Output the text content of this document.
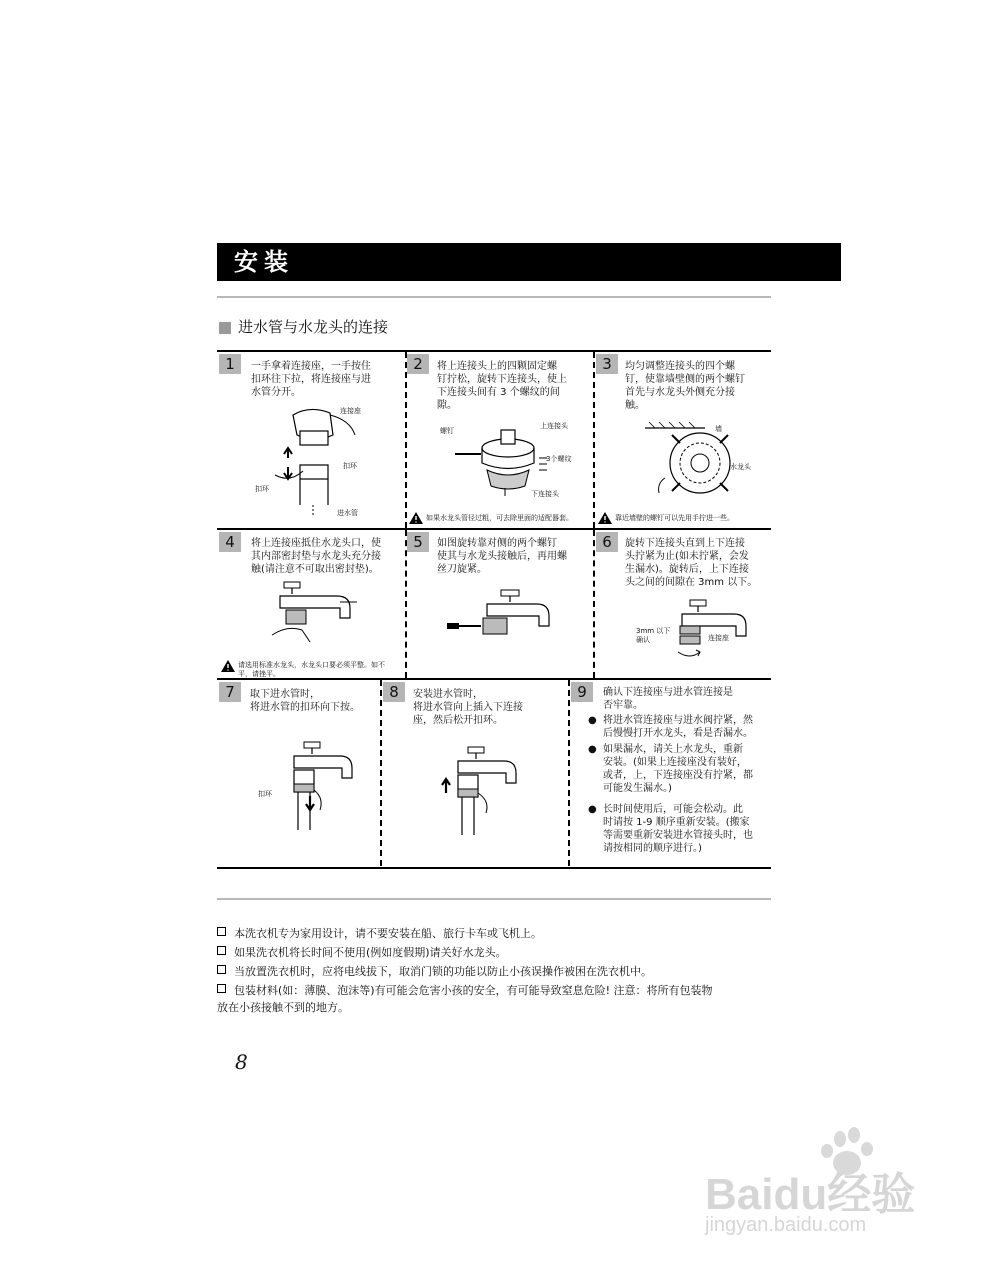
安装
进水管与水龙头的连接
1	一手拿着连接座，一手按住
扣环往下拉，将连接座与进
水管分开。
连接座
扣环
扣环
进水管
2	将上连接头上的四颗固定螺
钉拧松，旋转下连接头，使上
下连接头间有 3 个螺纹的间
隙。
螺钉
上连接头
3个螺纹
下连接头
如果水龙头管径过粗，可去除里面的适配器套。
3	均匀调整连接头的四个螺
钉，使靠墙壁侧的两个螺钉
首先与水龙头外侧充分接
触。
墙
水龙头
靠近墙壁的螺钉可以先用手拧进一些。
4	将上连接座抵住水龙头口，使
其内部密封垫与水龙头充分接
触(请注意不可取出密封垫)。
请选用标准水龙头，水龙头口要必须平整。如不
平，请挫平。
5	如图旋转靠对侧的两个螺钉
使其与水龙头接触后，再用螺
丝刀旋紧。
6	旋转下连接头直到上下连接
头拧紧为止(如未拧紧，会发
生漏水)。旋转后，上下连接
头之间的间隙在 3mm 以下。
3mm 以下
确认	连接座
7	取下进水管时，
将进水管的扣环向下按。
扣环
8	安装进水管时，
将进水管向上插入下连接
座，然后松开扣环。
9	确认下连接座与进水管连接是
否牢靠。
● 将进水管连接座与进水阀拧紧，然
后慢慢打开水龙头，看是否漏水。
● 如果漏水，请关上水龙头，重新
安装。(如果上连接座没有装好，
或者，上，下连接座没有拧紧，都
可能发生漏水。)
● 长时间使用后，可能会松动。此
时请按 1-9 顺序重新安装。(搬家
等需要重新安装进水管接头时，也
请按相同的顺序进行。)
本洗衣机专为家用设计，请不要安装在船、旅行卡车或飞机上。
如果洗衣机将长时间不使用(例如度假期)请关好水龙头。
当放置洗衣机时，应将电线拔下，取消门锁的功能以防止小孩误操作被困在洗衣机中。
包装材料(如：薄膜、泡沫等)有可能会危害小孩的安全，有可能导致窒息危险! 注意：将所有包装物
放在小孩接触不到的地方。
8
Baidu经验
jingyan.baidu.com
